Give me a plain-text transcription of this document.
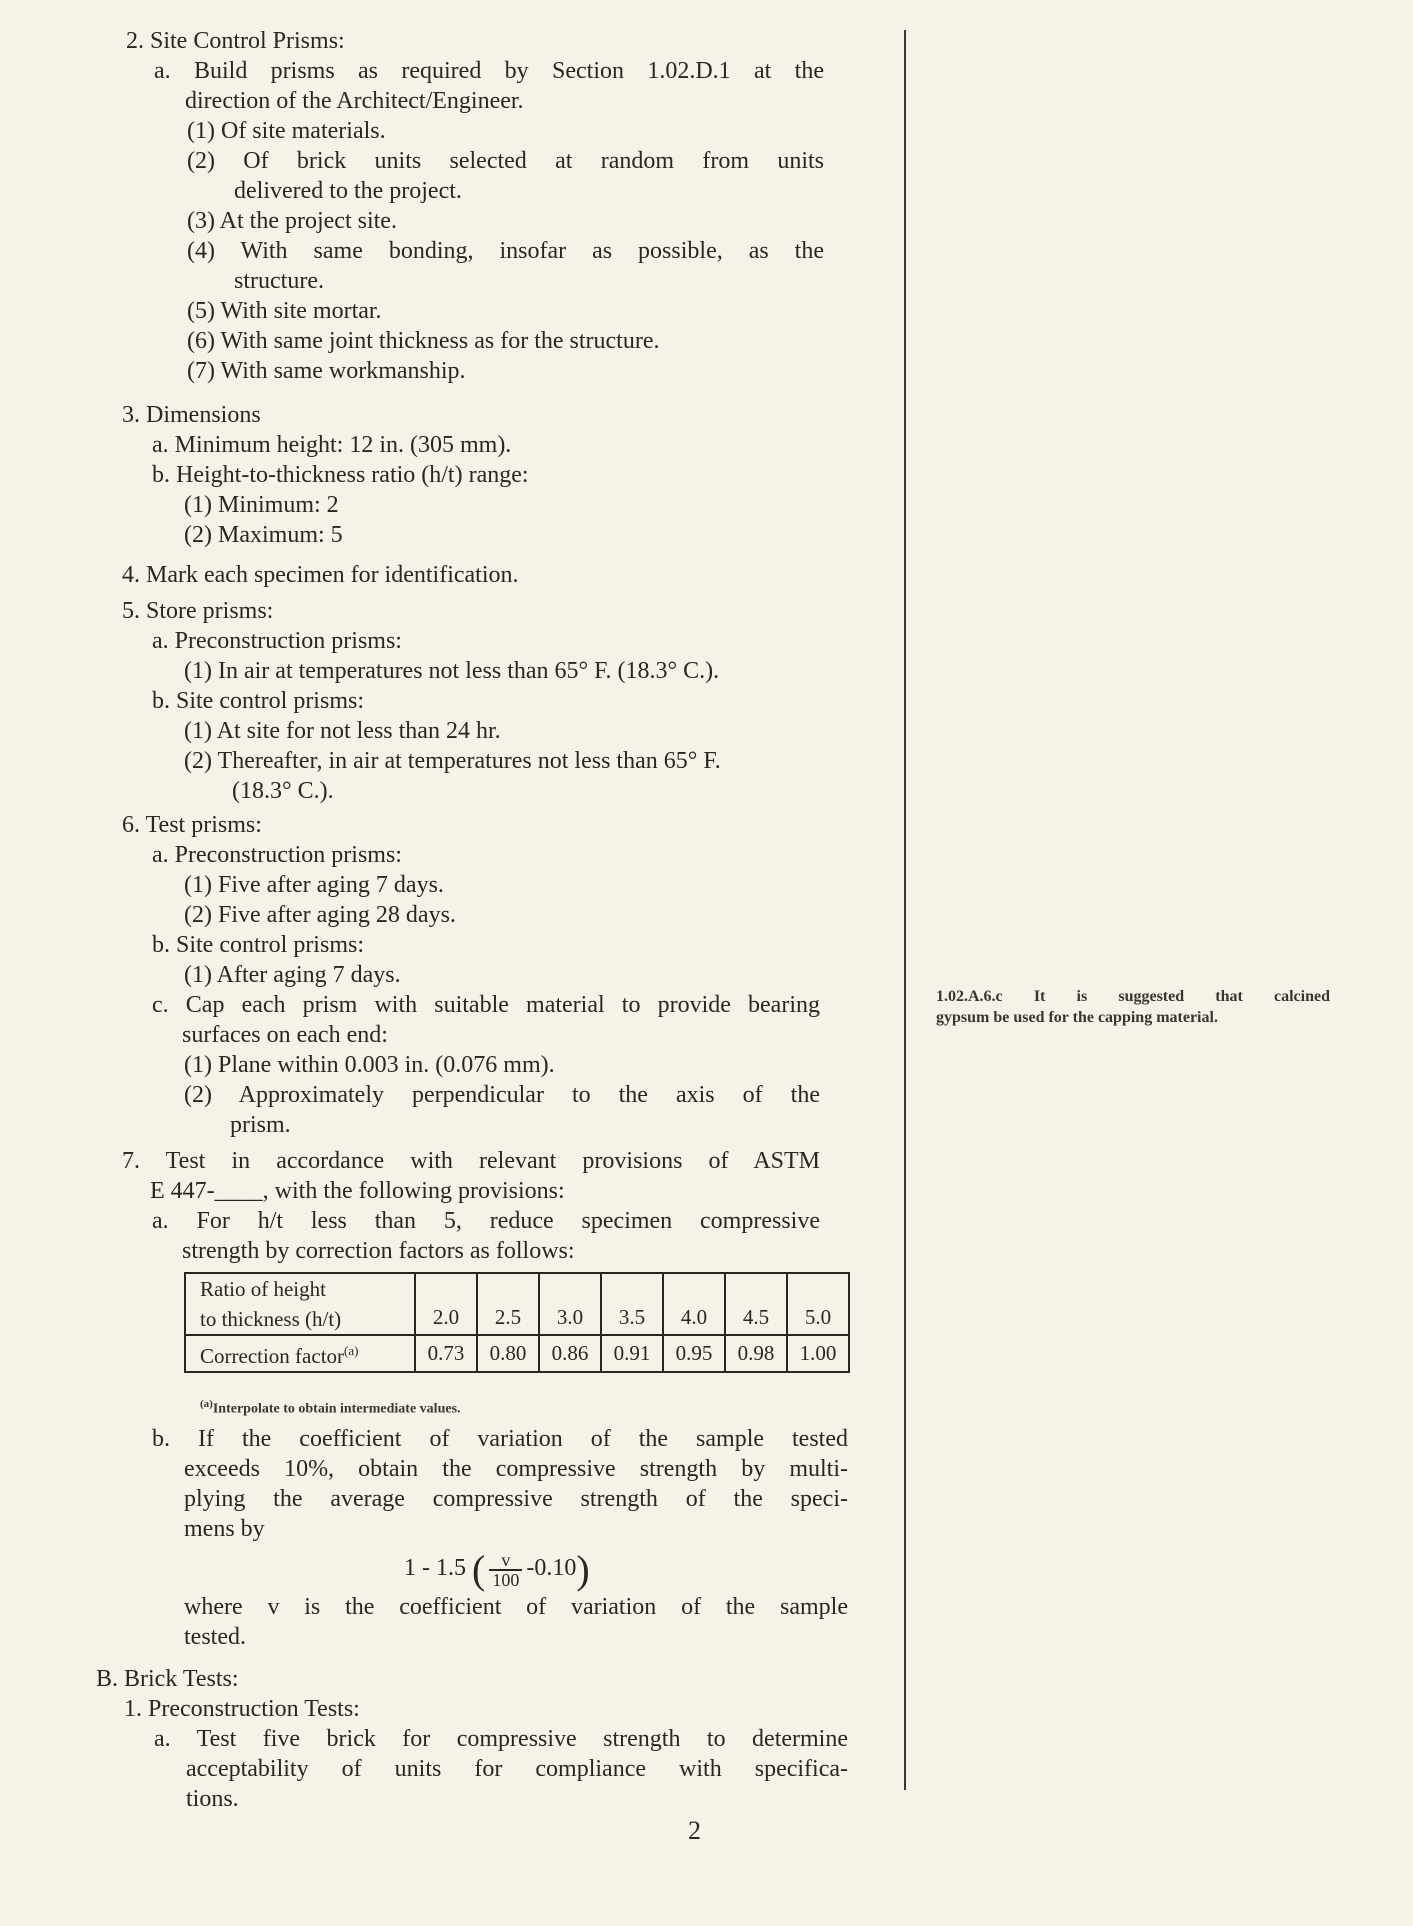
2. Site Control Prisms:
a. Build prisms as required by Section 1.02.D.1 at the
direction of the Architect/Engineer.
(1) Of site materials.
(2) Of brick units selected at random from units
delivered to the project.
(3) At the project site.
(4) With same bonding, insofar as possible, as the
structure.
(5) With site mortar.
(6) With same joint thickness as for the structure.
(7) With same workmanship.
3. Dimensions
a. Minimum height: 12 in. (305 mm).
b. Height-to-thickness ratio (h/t) range:
(1) Minimum: 2
(2) Maximum: 5
4. Mark each specimen for identification.
5. Store prisms:
a. Preconstruction prisms:
(1) In air at temperatures not less than 65° F. (18.3° C.).
b. Site control prisms:
(1) At site for not less than 24 hr.
(2) Thereafter, in air at temperatures not less than 65° F.
(18.3° C.).
6. Test prisms:
a. Preconstruction prisms:
(1) Five after aging 7 days.
(2) Five after aging 28 days.
b. Site control prisms:
(1) After aging 7 days.
c. Cap each prism with suitable material to provide bearing
surfaces on each end:
(1) Plane within 0.003 in. (0.076 mm).
(2) Approximately perpendicular to the axis of the
prism.
7. Test in accordance with relevant provisions of ASTM
E 447-____, with the following provisions:
a. For h/t less than 5, reduce specimen compressive
strength by correction factors as follows:
Ratio of height
to thickness (h/t)	2.0	2.5	3.0	3.5	4.0	4.5	5.0
Correction factor$^{(a)}$	0.73	0.80	0.86	0.91	0.95	0.98	1.00
$^{(a)}$Interpolate to obtain intermediate values.
b. If the coefficient of variation of the sample tested
exceeds 10%, obtain the compressive strength by multi-
plying the average compressive strength of the speci-
mens by
1 - 1.5 ( $\frac{v}{100} -0.10$)
where v is the coefficient of variation of the sample
tested.
B. Brick Tests:
1. Preconstruction Tests:
a. Test five brick for compressive strength to determine
acceptability of units for compliance with specifica-
tions.
1.02.A.6.c It is suggested that calcined
gypsum be used for the capping material.
2
